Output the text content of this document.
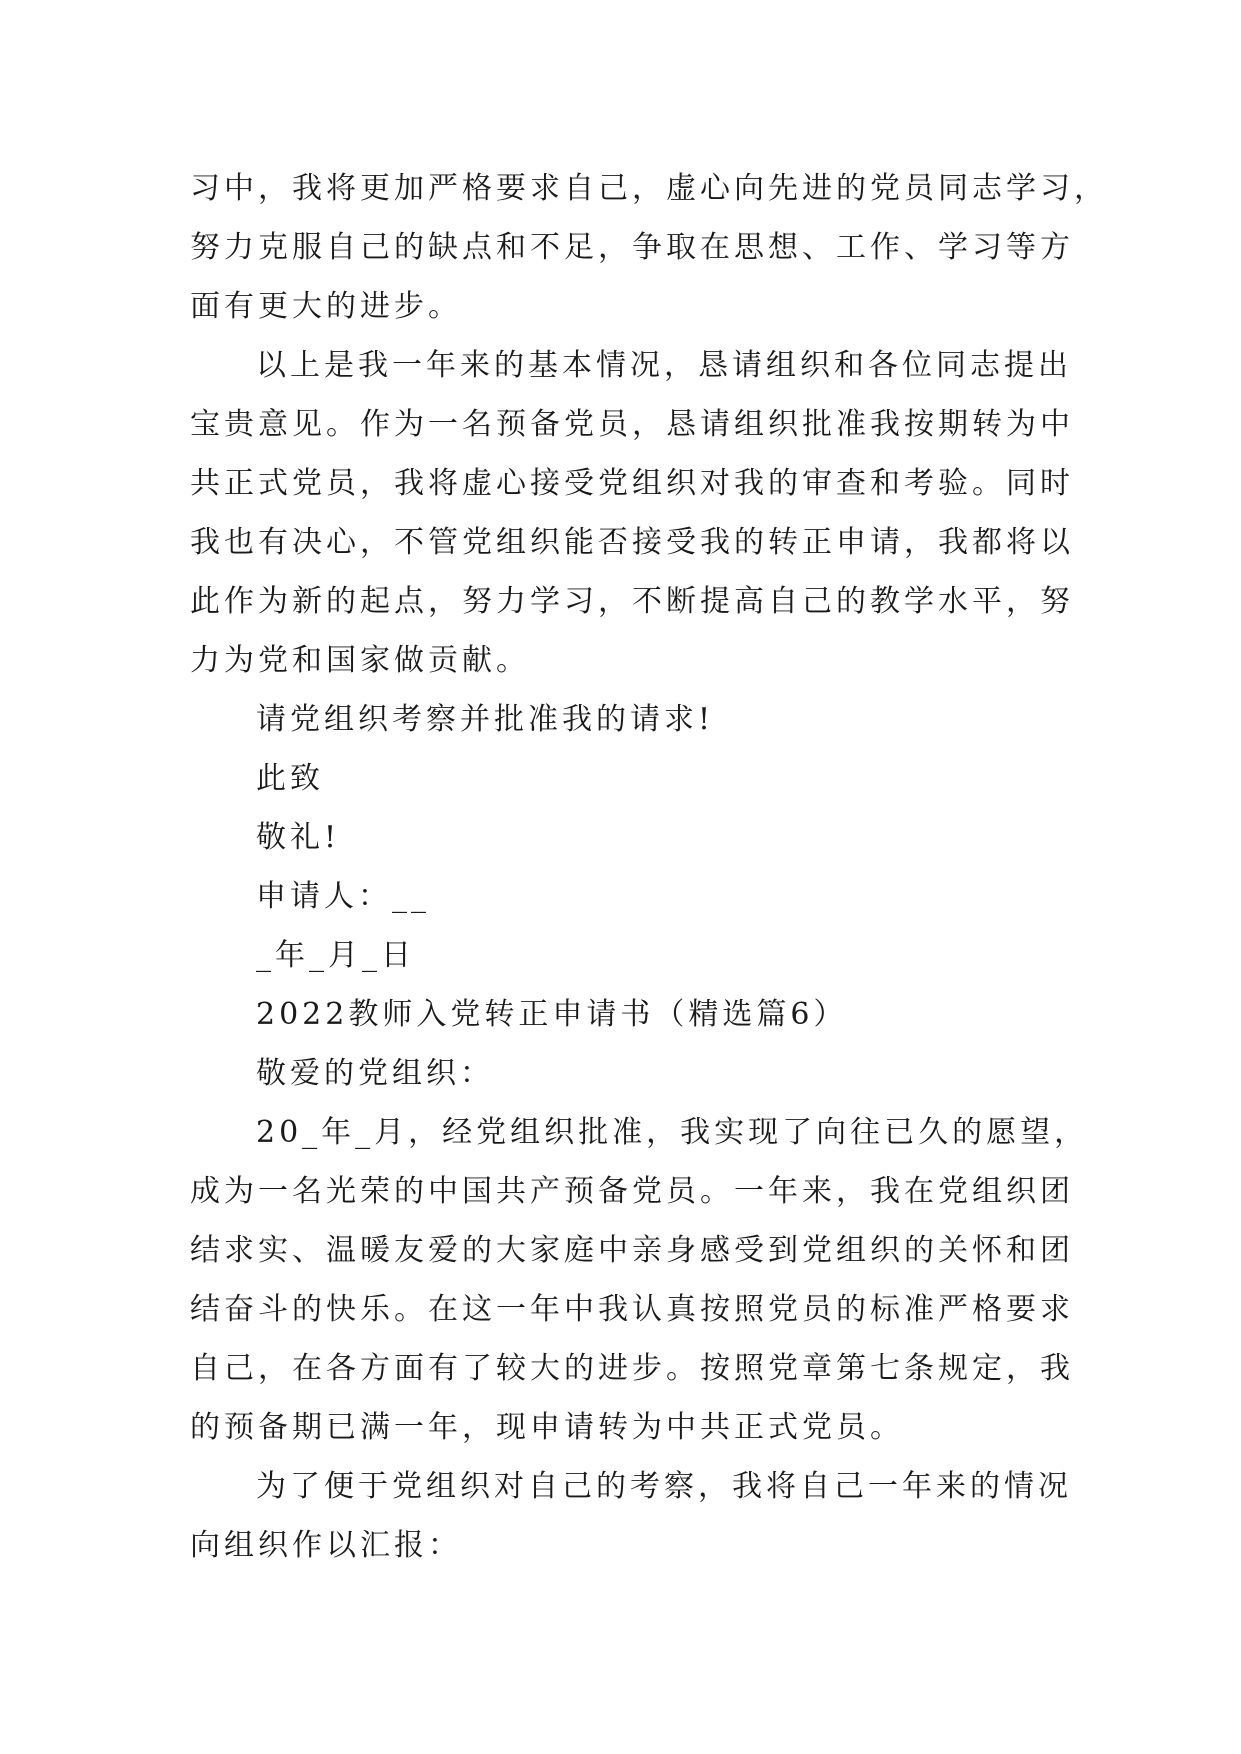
习中，我将更加严格要求自己，虚心向先进的党员同志学习，
努力克服自己的缺点和不足，争取在思想、工作、学习等方
面有更大的进步。
以上是我一年来的基本情况，恳请组织和各位同志提出
宝贵意见。作为一名预备党员，恳请组织批准我按期转为中
共正式党员，我将虚心接受党组织对我的审查和考验。同时
我也有决心，不管党组织能否接受我的转正申请，我都将以
此作为新的起点，努力学习，不断提高自己的教学水平，努
力为党和国家做贡献。
请党组织考察并批准我的请求!
此致
敬礼!
申请人：__
_年_月_日
2022教师入党转正申请书（精选篇6）
敬爱的党组织：
20_年_月，经党组织批准，我实现了向往已久的愿望，
成为一名光荣的中国共产预备党员。一年来，我在党组织团
结求实、温暖友爱的大家庭中亲身感受到党组织的关怀和团
结奋斗的快乐。在这一年中我认真按照党员的标准严格要求
自己，在各方面有了较大的进步。按照党章第七条规定，我
的预备期已满一年，现申请转为中共正式党员。
为了便于党组织对自己的考察，我将自己一年来的情况
向组织作以汇报：
